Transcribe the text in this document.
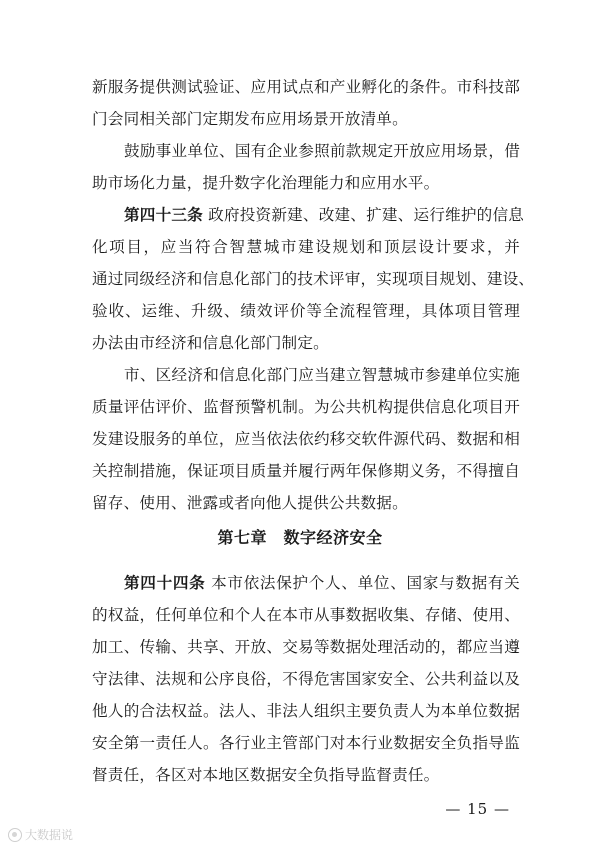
新服务提供测试验证、应用试点和产业孵化的条件。市科技部
门会同相关部门定期发布应用场景开放清单。
鼓励事业单位、国有企业参照前款规定开放应用场景，借
助市场化力量，提升数字化治理能力和应用水平。
第四十三条 政府投资新建、改建、扩建、运行维护的信息
化项目，应当符合智慧城市建设规划和顶层设计要求，并
通过同级经济和信息化部门的技术评审，实现项目规划、建设、
验收、运维、升级、绩效评价等全流程管理，具体项目管理
办法由市经济和信息化部门制定。
市、区经济和信息化部门应当建立智慧城市参建单位实施
质量评估评价、监督预警机制。为公共机构提供信息化项目开
发建设服务的单位，应当依法依约移交软件源代码、数据和相
关控制措施，保证项目质量并履行两年保修期义务，不得擅自
留存、使用、泄露或者向他人提供公共数据。
第七章　数字经济安全
第四十四条 本市依法保护个人、单位、国家与数据有关
的权益，任何单位和个人在本市从事数据收集、存储、使用、
加工、传输、共享、开放、交易等数据处理活动的，都应当遵
守法律、法规和公序良俗，不得危害国家安全、公共利益以及
他人的合法权益。法人、非法人组织主要负责人为本单位数据
安全第一责任人。各行业主管部门对本行业数据安全负指导监
督责任，各区对本地区数据安全负指导监督责任。
— 15 —
大数据说
